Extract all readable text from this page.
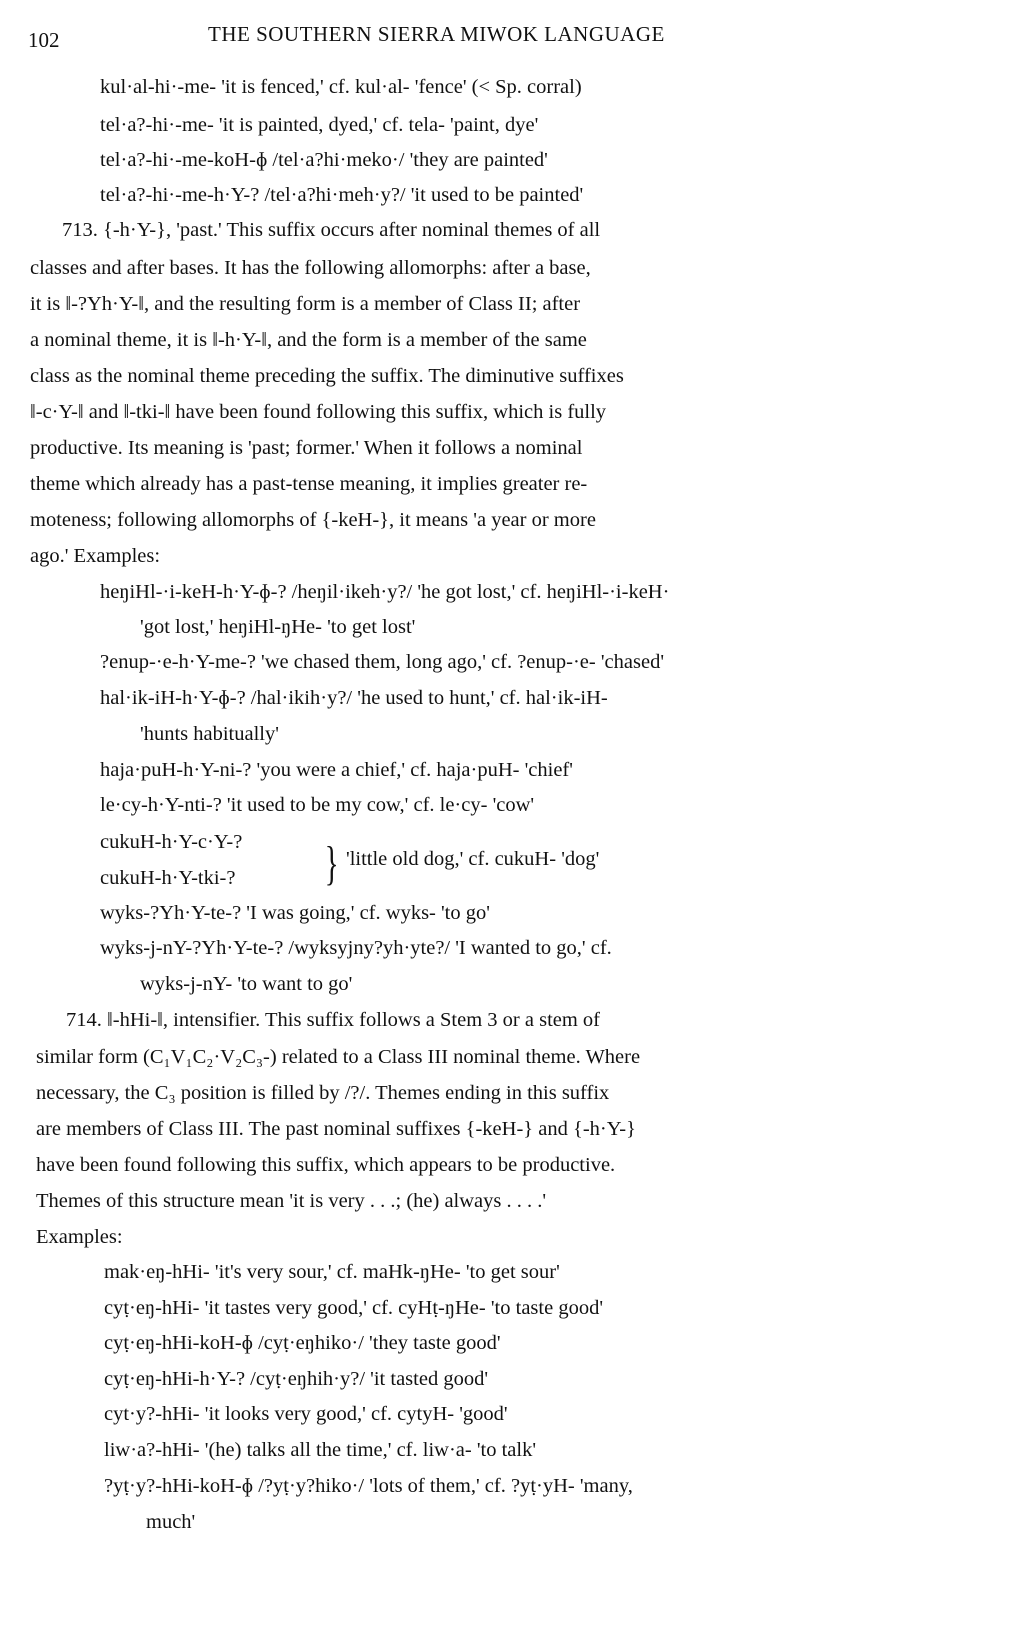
102	THE SOUTHERN SIERRA MIWOK LANGUAGE
kul·al-hi·-me- 'it is fenced,' cf. kul·al- 'fence' (< Sp. corral)
tel·a?-hi·-me- 'it is painted, dyed,' cf. tela- 'paint, dye'
tel·a?-hi·-me-koH-ɸ /tel·a?hi·meko·/ 'they are painted'
tel·a?-hi·-me-h·Y-? /tel·a?hi·meh·y?/ 'it used to be painted'
713. {-h·Y-}, 'past.' This suffix occurs after nominal themes of all
classes and after bases. It has the following allomorphs: after a base,
it is ‖-?Yh·Y-‖, and the resulting form is a member of Class II; after
a nominal theme, it is ‖-h·Y-‖, and the form is a member of the same
class as the nominal theme preceding the suffix. The diminutive suffixes
‖-c·Y-‖ and ‖-tki-‖ have been found following this suffix, which is fully
productive. Its meaning is 'past; former.' When it follows a nominal
theme which already has a past-tense meaning, it implies greater re-
moteness; following allomorphs of {-keH-}, it means 'a year or more
ago.' Examples:
heŋiHl-·i-keH-h·Y-ɸ-? /heŋil·ikeh·y?/ 'he got lost,' cf. heŋiHl-·i-keH·
'got lost,' heŋiHl-ŋHe- 'to get lost'
?enup-·e-h·Y-me-? 'we chased them, long ago,' cf. ?enup-·e- 'chased'
hal·ik-iH-h·Y-ɸ-? /hal·ikih·y?/ 'he used to hunt,' cf. hal·ik-iH-
'hunts habitually'
haja·puH-h·Y-ni-? 'you were a chief,' cf. haja·puH- 'chief'
le·cy-h·Y-nti-? 'it used to be my cow,' cf. le·cy- 'cow'
cukuH-h·Y-c·Y-? } 'little old dog,' cf. cukuH- 'dog'
cukuH-h·Y-tki-?
wyks-?Yh·Y-te-? 'I was going,' cf. wyks- 'to go'
wyks-j-nY-?Yh·Y-te-? /wyksyjny?yh·yte?/ 'I wanted to go,' cf.
wyks-j-nY- 'to want to go'
714. ‖-hHi-‖, intensifier. This suffix follows a Stem 3 or a stem of
similar form (C₁V₁C₂·V₂C₃-) related to a Class III nominal theme. Where
necessary, the C₃ position is filled by /?/. Themes ending in this suffix
are members of Class III. The past nominal suffixes {-keH-} and {-h·Y-}
have been found following this suffix, which appears to be productive.
Themes of this structure mean 'it is very . . .; (he) always . . . .'
Examples:
mak·eŋ-hHi- 'it's very sour,' cf. maHk-ŋHe- 'to get sour'
cyṭ·eŋ-hHi- 'it tastes very good,' cf. cyHṭ-ŋHe- 'to taste good'
cyṭ·eŋ-hHi-koH-ɸ /cyṭ·eŋhiko·/ 'they taste good'
cyṭ·eŋ-hHi-h·Y-? /cyṭ·eŋhih·y?/ 'it tasted good'
cyt·y?-hHi- 'it looks very good,' cf. cytyH- 'good'
liw·a?-hHi- '(he) talks all the time,' cf. liw·a- 'to talk'
?yṭ·y?-hHi-koH-ɸ /?yṭ·y?hiko·/ 'lots of them,' cf. ?yṭ·yH- 'many,
much'
